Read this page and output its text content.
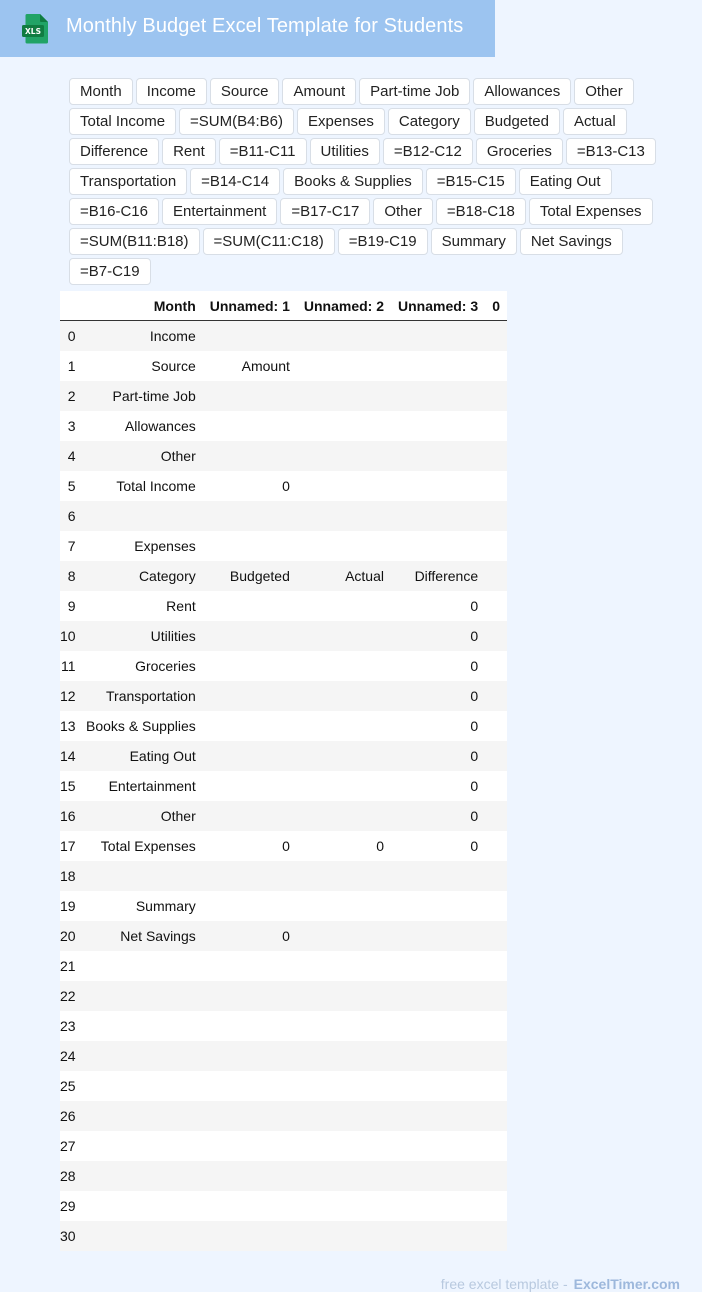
XLS Monthly Budget Excel Template for Students
Month	Income	Source	Amount	Part-time Job	Allowances	Other
Total Income	=SUM(B4:B6)	Expenses	Category	Budgeted	Actual
Difference	Rent	=B11-C11	Utilities	=B12-C12	Groceries	=B13-C13
Transportation	=B14-C14	Books & Supplies	=B15-C15	Eating Out
=B16-C16	Entertainment	=B17-C17	Other	=B18-C18	Total Expenses
=SUM(B11:B18)	=SUM(C11:C18)	=B19-C19	Summary	Net Savings
=B7-C19
	Month	Unnamed: 1	Unnamed: 2	Unnamed: 3	0
0	Income				
1	Source	Amount			
2	Part-time Job				
3	Allowances				
4	Other				
5	Total Income	0			
6					
7	Expenses				
8	Category	Budgeted	Actual	Difference	
9	Rent			0	
10	Utilities			0	
11	Groceries			0	
12	Transportation			0	
13	Books & Supplies			0	
14	Eating Out			0	
15	Entertainment			0	
16	Other			0	
17	Total Expenses	0	0	0	
18					
19	Summary				
20	Net Savings	0			
21					
22					
23					
24					
25					
26					
27					
28					
29					
30					
free excel template - ExcelTimer.com
